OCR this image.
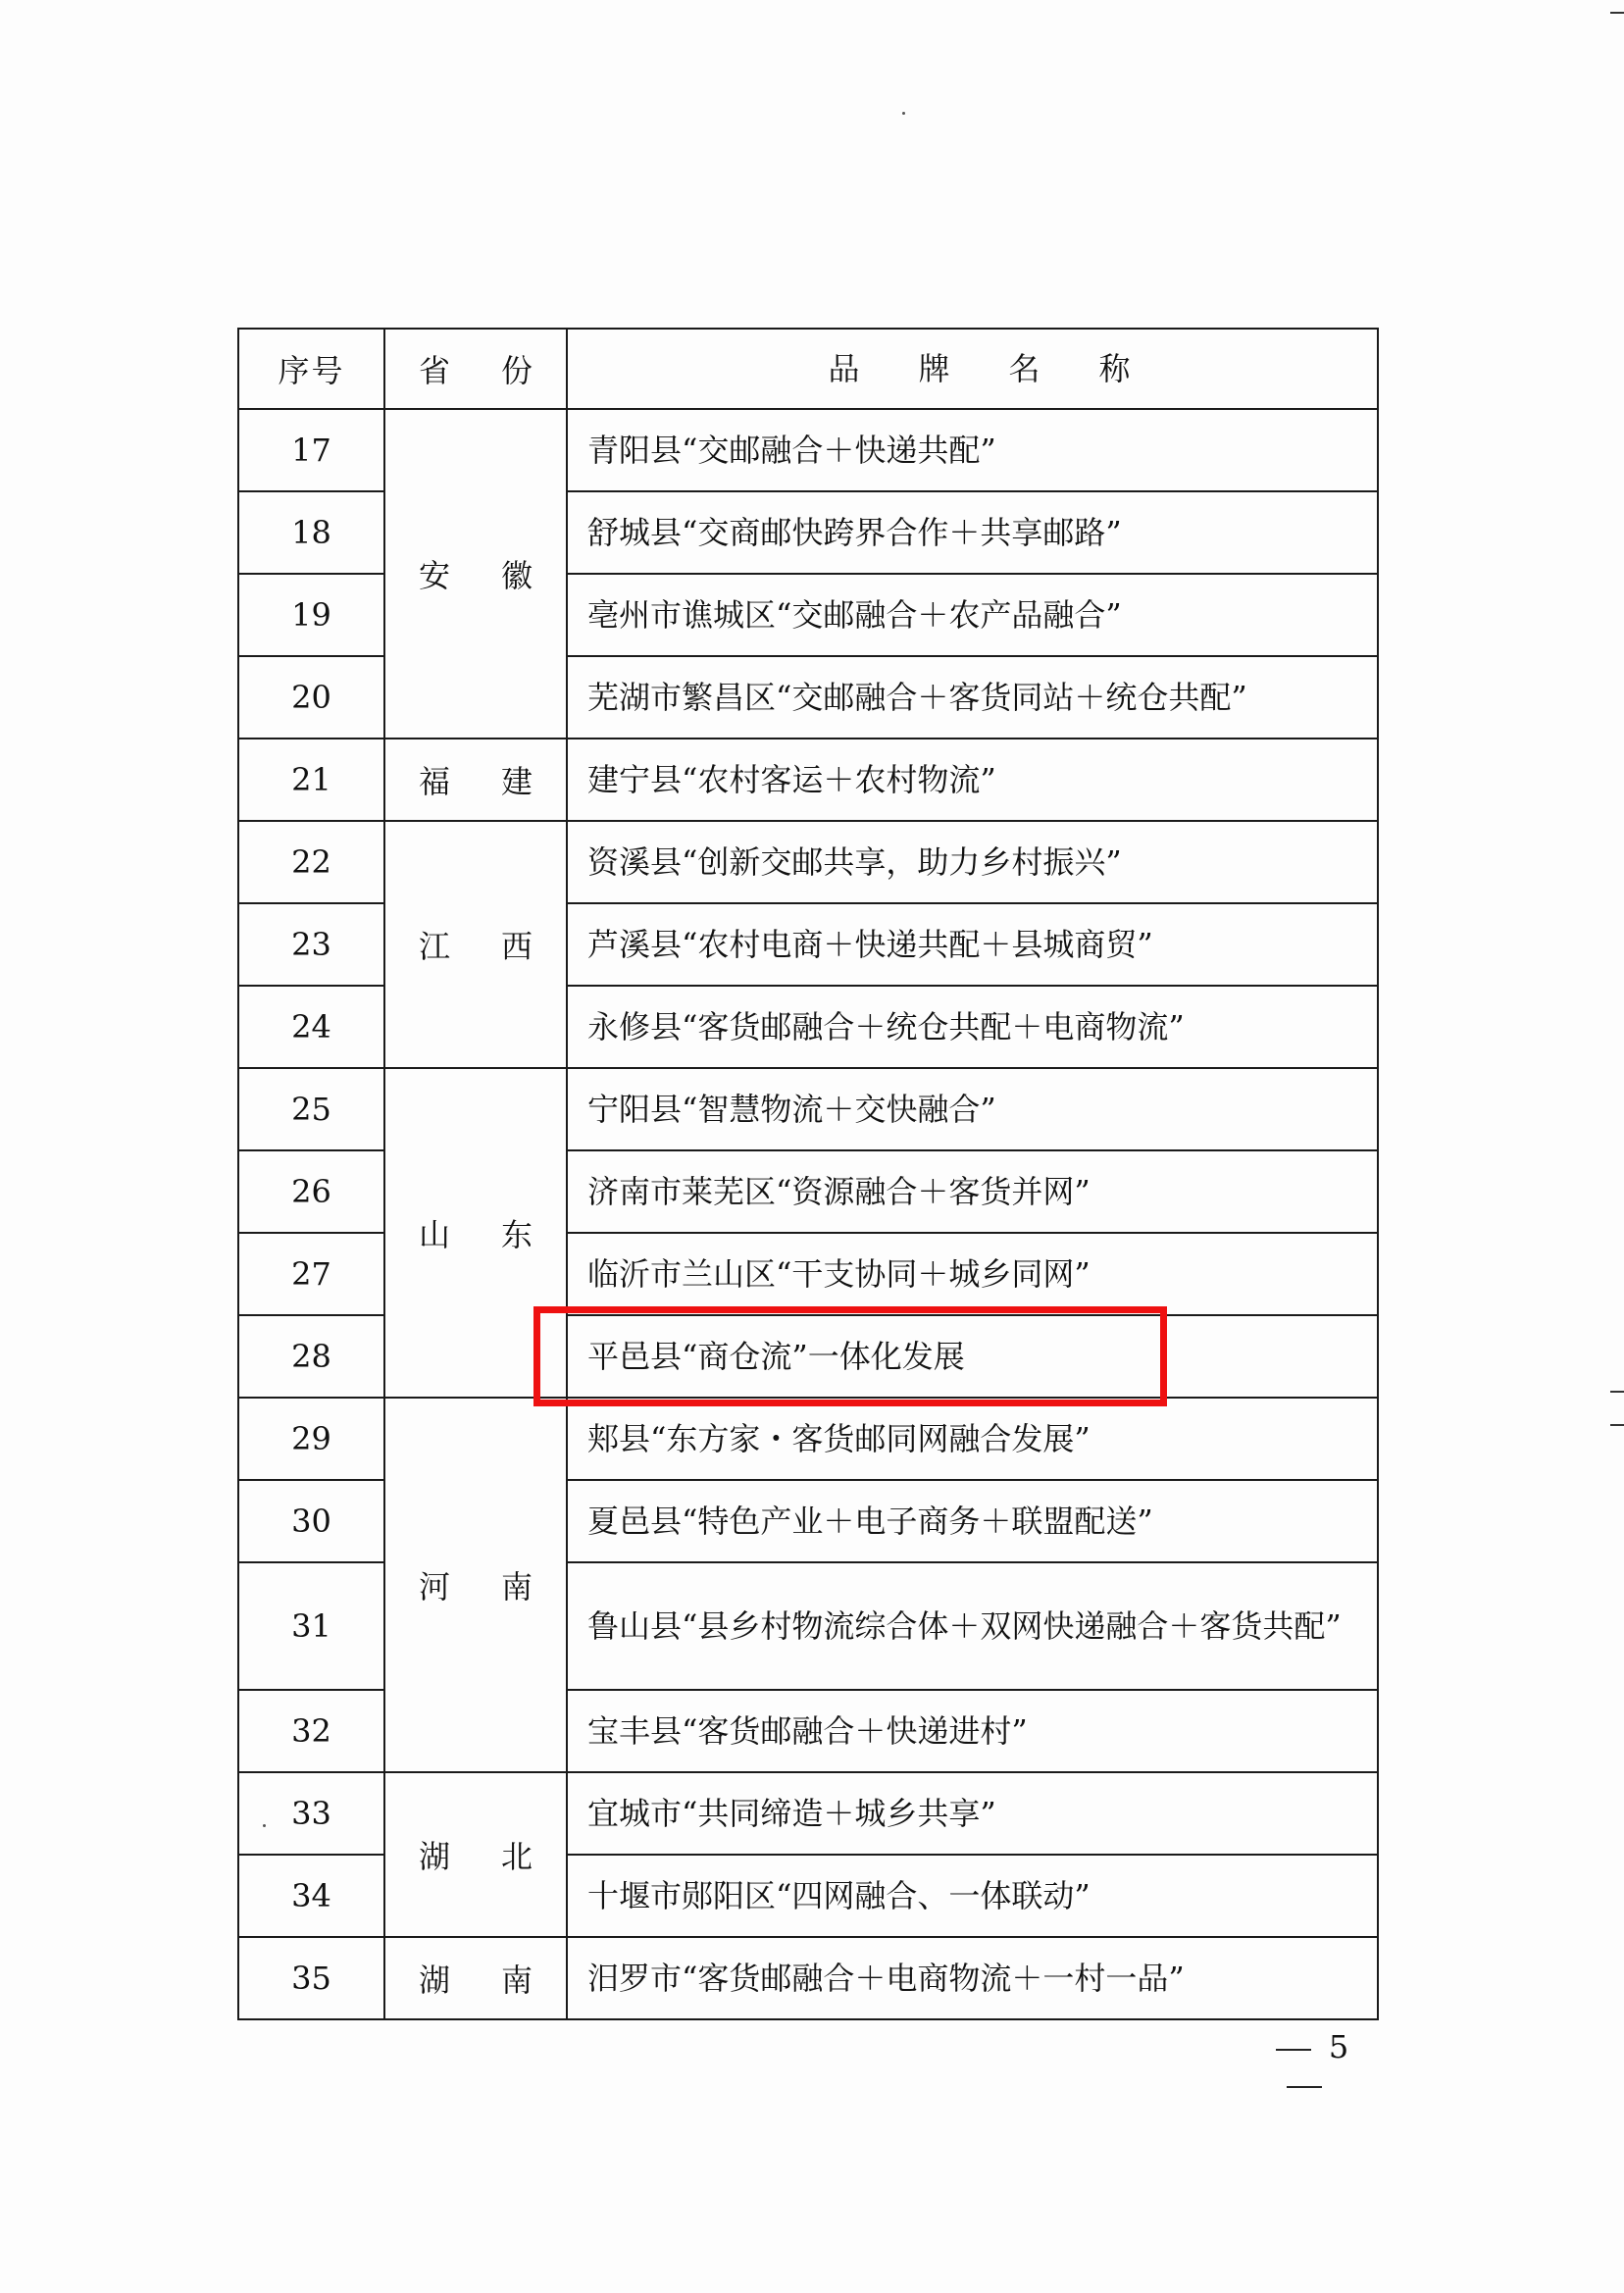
序号	省份	品牌名称
17	安徽	青阳县“交邮融合＋快递共配”
18		舒城县“交商邮快跨界合作＋共享邮路”
19		亳州市谯城区“交邮融合＋农产品融合”
20		芜湖市繁昌区“交邮融合＋客货同站＋统仓共配”
21	福建	建宁县“农村客运＋农村物流”
22	江西	资溪县“创新交邮共享，助力乡村振兴”
23		芦溪县“农村电商＋快递共配＋县城商贸”
24		永修县“客货邮融合＋统仓共配＋电商物流”
25	山东	宁阳县“智慧物流＋交快融合”
26		济南市莱芜区“资源融合＋客货并网”
27		临沂市兰山区“干支协同＋城乡同网”
28		平邑县“商仓流”一体化发展
29	河南	郏县“东方家・客货邮同网融合发展”
30		夏邑县“特色产业＋电子商务＋联盟配送”
31		鲁山县“县乡村物流综合体＋双网快递融合＋客货共配”
32		宝丰县“客货邮融合＋快递进村”
33	湖北	宜城市“共同缔造＋城乡共享”
34		十堰市郧阳区“四网融合、一体联动”
35	湖南	汨罗市“客货邮融合＋电商物流＋一村一品”
5
